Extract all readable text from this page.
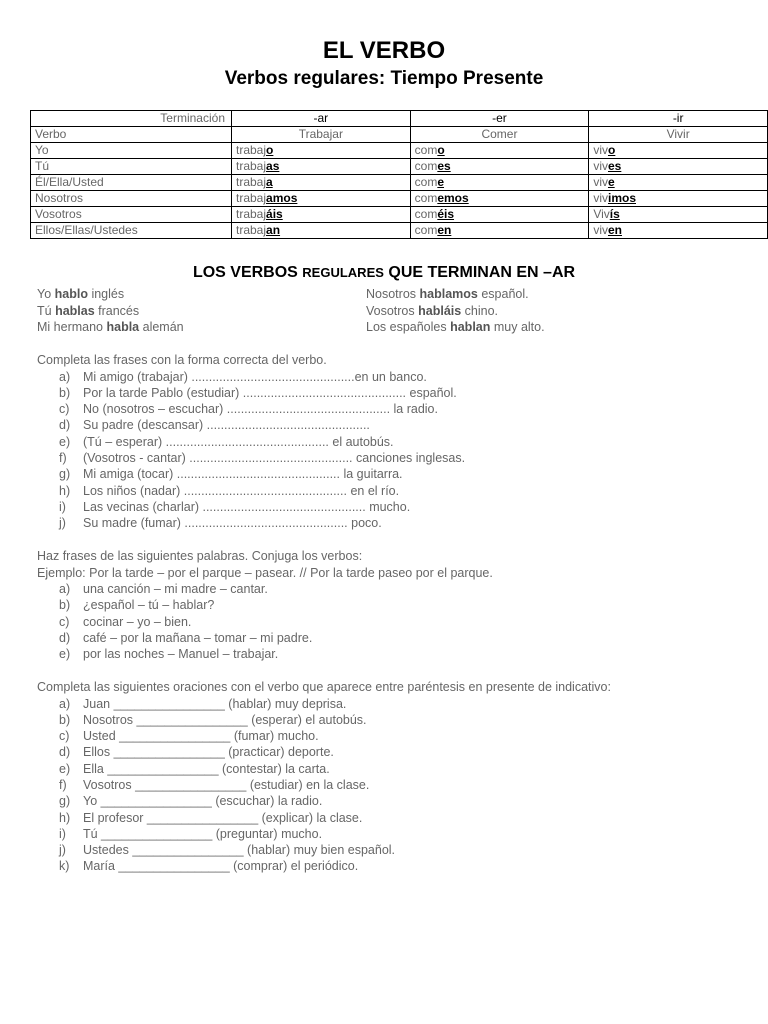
EL VERBO
Verbos regulares: Tiempo Presente
Terminación	-ar	-er	-ir
Verbo	Trabajar	Comer	Vivir
Yo	trabajo	como	vivo
Tú	trabajas	comes	vives
Él/Ella/Usted	trabaja	come	vive
Nosotros	trabajamos	comemos	vivimos
Vosotros	trabajáis	coméis	Vivís
Ellos/Ellas/Ustedes	trabajan	comen	viven
LOS VERBOS REGULARES QUE TERMINAN EN –AR
Yo hablo inglés
Tú hablas francés
Mi hermano habla alemán
Nosotros hablamos español.
Vosotros habláis chino.
Los españoles hablan muy alto.
Completa las frases con la forma correcta del verbo.
a) Mi amigo (trabajar) ...............................................en un banco.
b) Por la tarde Pablo (estudiar) ............................................... español.
c) No (nosotros – escuchar) ............................................... la radio.
d) Su padre (descansar) ...............................................
e) (Tú – esperar) ............................................... el autobús.
f) (Vosotros - cantar) ............................................... canciones inglesas.
g) Mi amiga (tocar) ............................................... la guitarra.
h) Los niños (nadar) ............................................... en el río.
i) Las vecinas (charlar) ............................................... mucho.
j) Su madre (fumar) ............................................... poco.
Haz frases de las siguientes palabras. Conjuga los verbos:
Ejemplo: Por la tarde – por el parque – pasear. // Por la tarde paseo por el parque.
a) una canción – mi madre – cantar.
b) ¿español – tú – hablar?
c) cocinar – yo – bien.
d) café – por la mañana – tomar – mi padre.
e) por las noches – Manuel – trabajar.
Completa las siguientes oraciones con el verbo que aparece entre paréntesis en presente de indicativo:
a) Juan ________________ (hablar) muy deprisa.
b) Nosotros ________________ (esperar) el autobús.
c) Usted ________________ (fumar) mucho.
d) Ellos ________________ (practicar) deporte.
e) Ella ________________ (contestar) la carta.
f) Vosotros ________________ (estudiar) en la clase.
g) Yo ________________ (escuchar) la radio.
h) El profesor ________________ (explicar) la clase.
i) Tú ________________ (preguntar) mucho.
j) Ustedes ________________ (hablar) muy bien español.
k) María ________________ (comprar) el periódico.
